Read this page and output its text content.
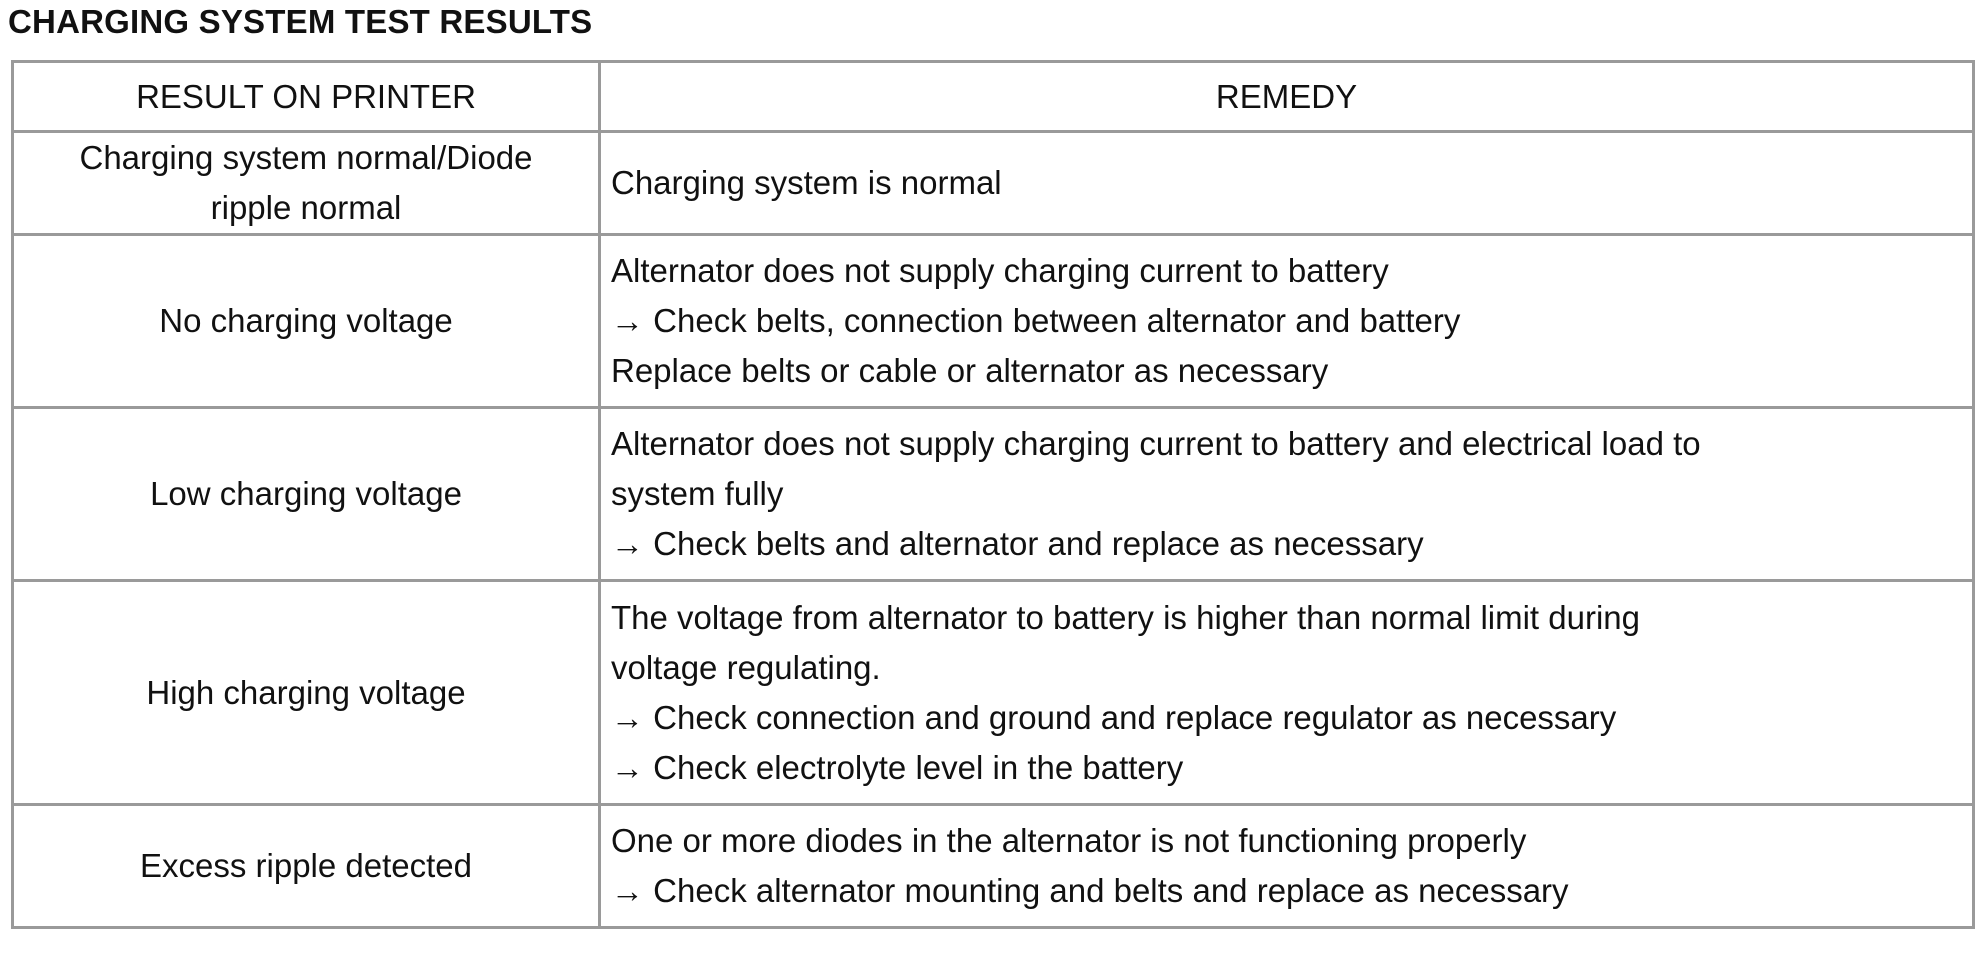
CHARGING SYSTEM TEST RESULTS
RESULT ON PRINTER	REMEDY

Charging system normal/Diode
ripple normal	Charging system is normal

No charging voltage	Alternator does not supply charging current to battery
→ Check belts, connection between alternator and battery
Replace belts or cable or alternator as necessary

Low charging voltage	Alternator does not supply charging current to battery and electrical load to
system fully
→ Check belts and alternator and replace as necessary

High charging voltage	The voltage from alternator to battery is higher than normal limit during
voltage regulating.
→ Check connection and ground and replace regulator as necessary
→ Check electrolyte level in the battery

Excess ripple detected	One or more diodes in the alternator is not functioning properly
→ Check alternator mounting and belts and replace as necessary
